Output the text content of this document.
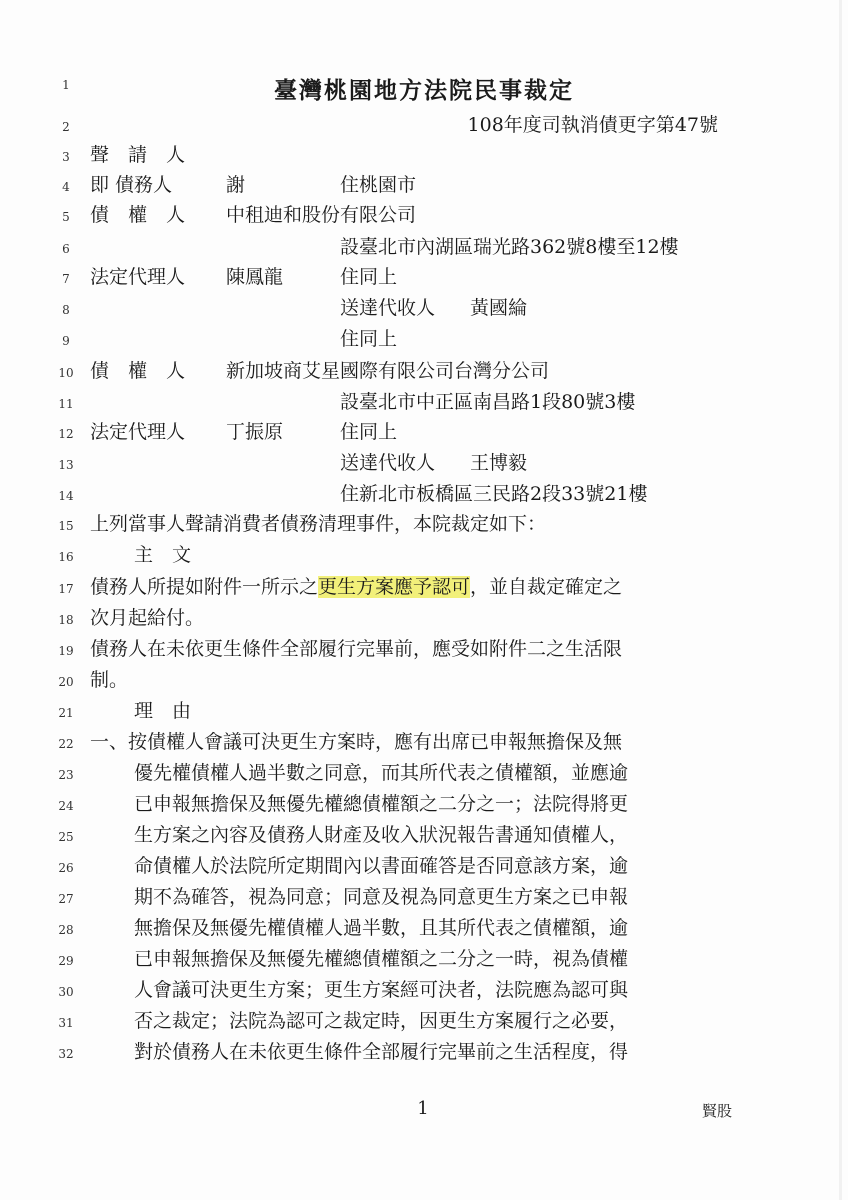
臺灣桃園地方法院民事裁定
1
2
3
4
5
6
7
8
9
10
11
12
13
14
15
16
17
18
19
20
21
22
23
24
25
26
27
28
29
30
31
32
108年度司執消債更字第47號
聲　請　人
即 債務人	謝	住桃園市
債　權　人 中租迪和股份有限公司
設臺北市內湖區瑞光路362號8樓至12樓
法定代理人 陳鳳龍	住同上
送達代收人 黃國綸
住同上
債　權　人 新加坡商艾星國際有限公司台灣分公司
設臺北市中正區南昌路1段80號3樓
法定代理人 丁振原	住同上
送達代收人 王博毅
住新北市板橋區三民路2段33號21樓
上列當事人聲請消費者債務清理事件，本院裁定如下：
主　文
債務人所提如附件一所示之更生方案應予認可，並自裁定確定之
次月起給付。
債務人在未依更生條件全部履行完畢前，應受如附件二之生活限
制。
理　由
一、按債權人會議可決更生方案時，應有出席已申報無擔保及無
優先權債權人過半數之同意，而其所代表之債權額，並應逾
已申報無擔保及無優先權總債權額之二分之一；法院得將更
生方案之內容及債務人財產及收入狀況報告書通知債權人，
命債權人於法院所定期間內以書面確答是否同意該方案，逾
期不為確答，視為同意；同意及視為同意更生方案之已申報
無擔保及無優先權債權人過半數，且其所代表之債權額，逾
已申報無擔保及無優先權總債權額之二分之一時，視為債權
人會議可決更生方案；更生方案經可決者，法院應為認可與
否之裁定；法院為認可之裁定時，因更生方案履行之必要，
對於債務人在未依更生條件全部履行完畢前之生活程度，得
1	賢股
